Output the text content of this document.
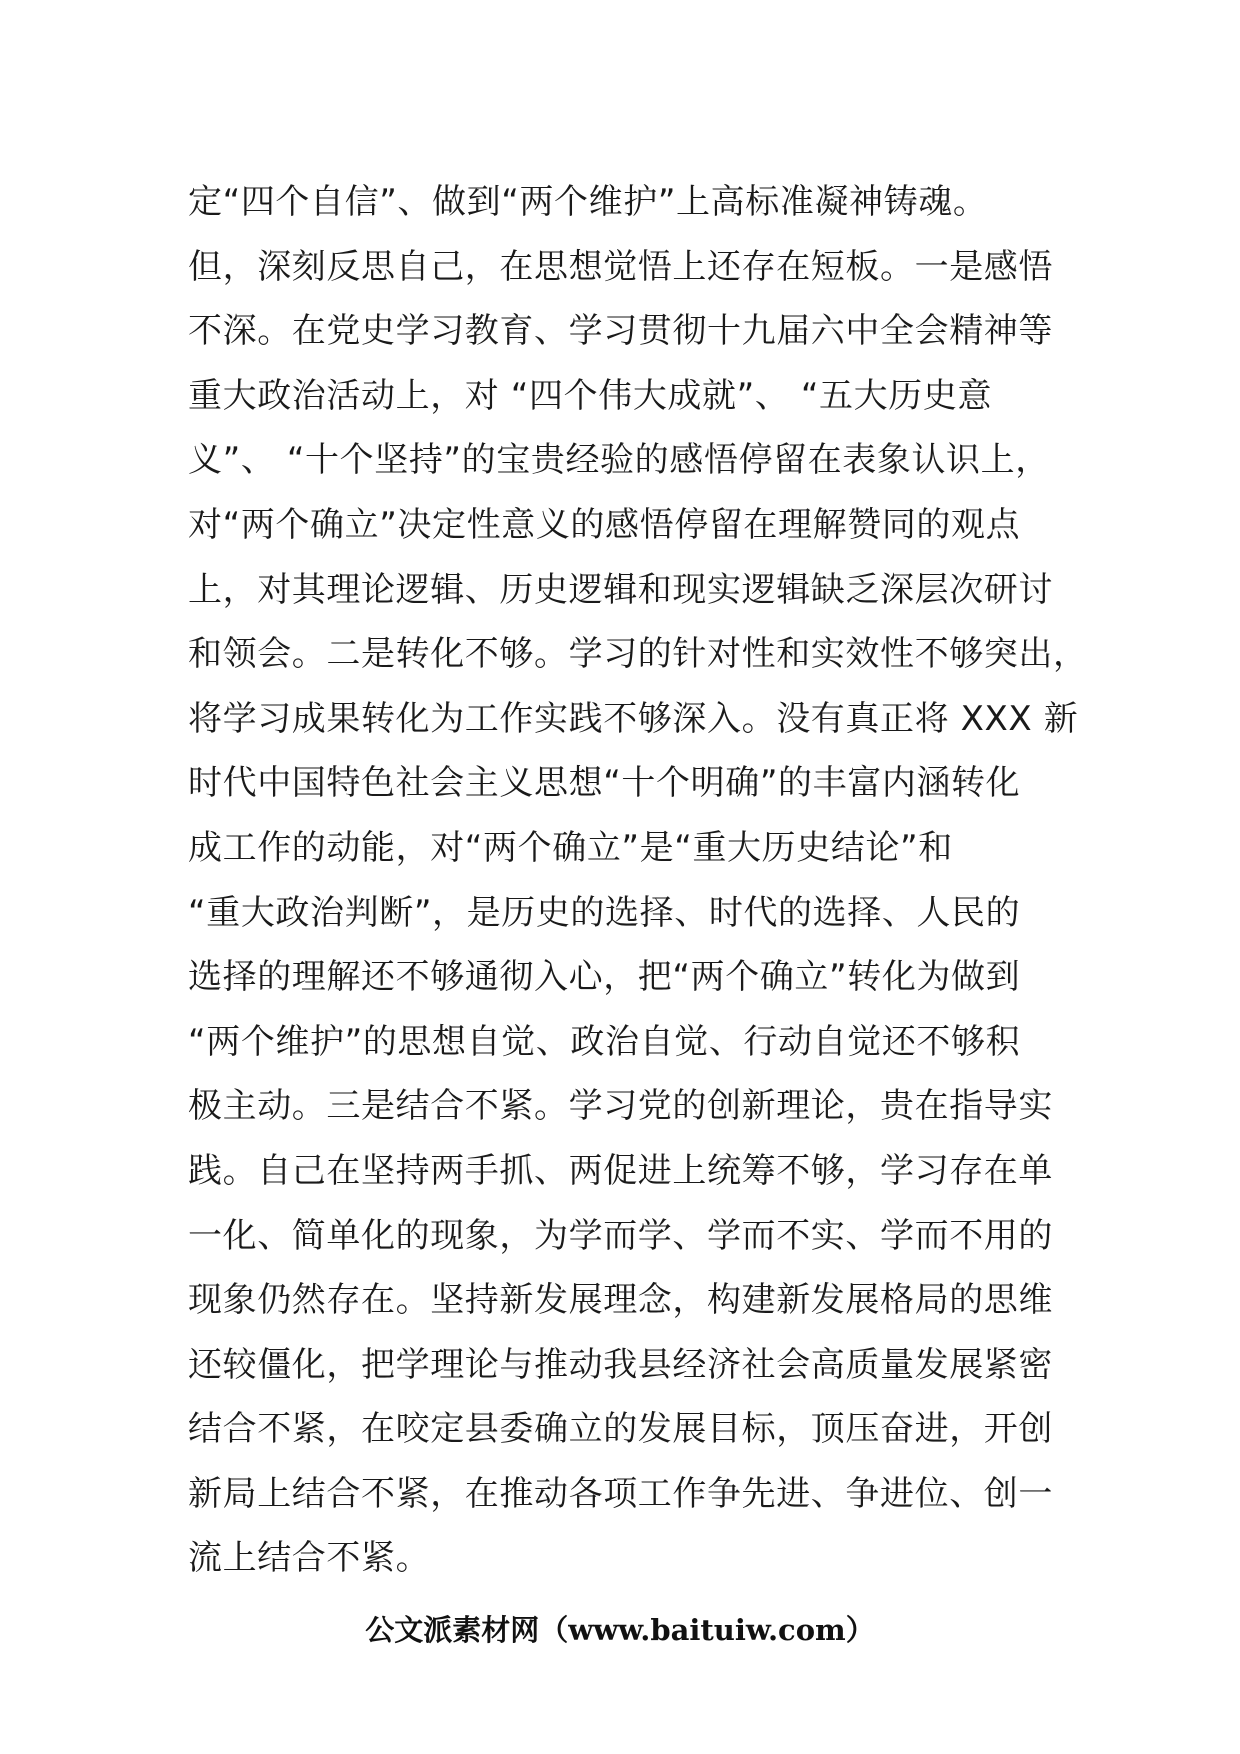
定“四个自信”、做到“两个维护”上高标准凝神铸魂。
但，深刻反思自己，在思想觉悟上还存在短板。一是感悟
不深。在党史学习教育、学习贯彻十九届六中全会精神等
重大政治活动上，对 “四个伟大成就”、 “五大历史意
义”、 “十个坚持”的宝贵经验的感悟停留在表象认识上，
对“两个确立”决定性意义的感悟停留在理解赞同的观点
上，对其理论逻辑、历史逻辑和现实逻辑缺乏深层次研讨
和领会。二是转化不够。学习的针对性和实效性不够突出，
将学习成果转化为工作实践不够深入。没有真正将 XXX 新
时代中国特色社会主义思想“十个明确”的丰富内涵转化
成工作的动能，对“两个确立”是“重大历史结论”和
“重大政治判断”，是历史的选择、时代的选择、人民的
选择的理解还不够通彻入心，把“两个确立”转化为做到
“两个维护”的思想自觉、政治自觉、行动自觉还不够积
极主动。三是结合不紧。学习党的创新理论，贵在指导实
践。自己在坚持两手抓、两促进上统筹不够，学习存在单
一化、简单化的现象，为学而学、学而不实、学而不用的
现象仍然存在。坚持新发展理念，构建新发展格局的思维
还较僵化，把学理论与推动我县经济社会高质量发展紧密
结合不紧，在咬定县委确立的发展目标，顶压奋进，开创
新局上结合不紧，在推动各项工作争先进、争进位、创一
流上结合不紧。
公文派素材网（www.baituiw.com）
